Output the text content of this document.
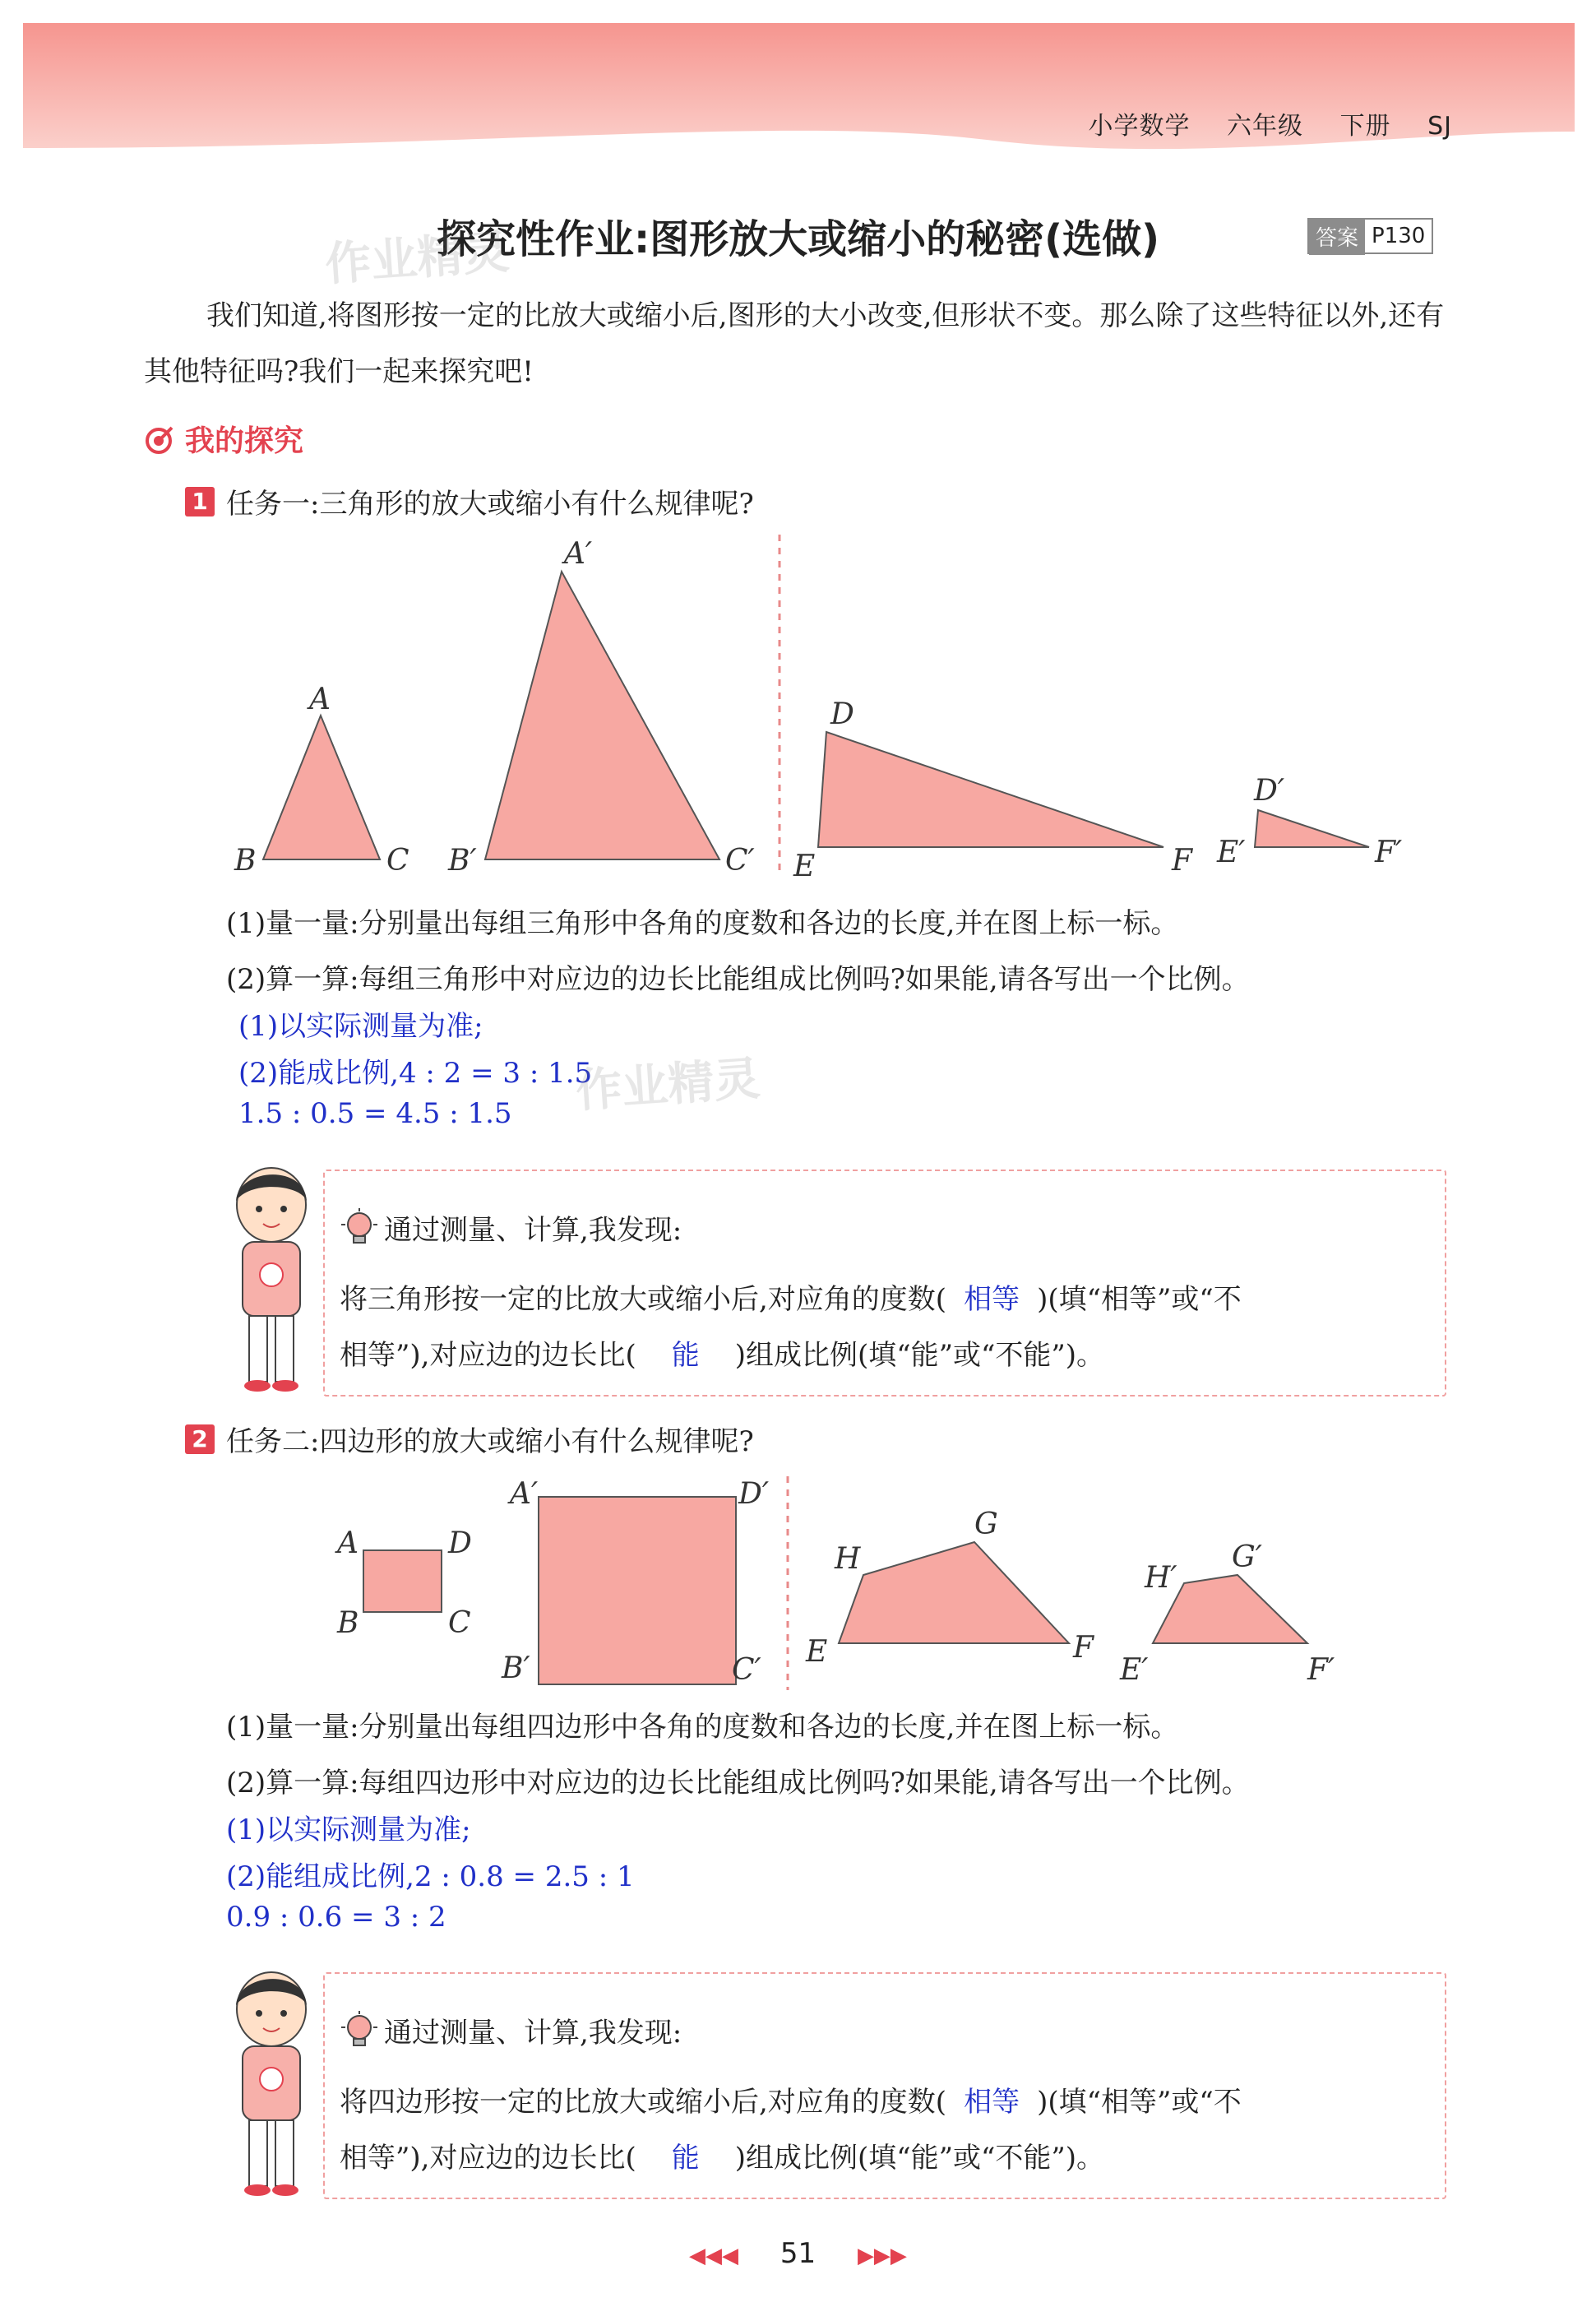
小学数学 六年级 下册 SJ
探究性作业:图形放大或缩小的秘密(选做)	答案 P130
作业精灵
我们知道,将图形按一定的比放大或缩小后,图形的大小改变,但形状不变。那么除了这些特征以外,还有其他特征吗?我们一起来探究吧!
我的探究
1 任务一:三角形的放大或缩小有什么规律呢?
A
B	C
A′
B′	C′
D
E	F
D′
E′	F′
(1)量一量:分别量出每组三角形中各角的度数和各边的长度,并在图上标一标。
(2)算一算:每组三角形中对应边的边长比能组成比例吗?如果能,请各写出一个比例。
(1)以实际测量为准;
(2)能成比例,4 : 2 = 3 : 1.5
1.5 : 0.5 = 4.5 : 1.5 作业精灵
通过测量、计算,我发现:
将三角形按一定的比放大或缩小后,对应角的度数( 相等 )(填“相等”或“不
相等”),对应边的边长比( 能 )组成比例(填“能”或“不能”)。
2 任务二:四边形的放大或缩小有什么规律呢?
A	D
B	C
A′	D′
B′	C′
G
H
E	F
G′
H′
E′	F′
(1)量一量:分别量出每组四边形中各角的度数和各边的长度,并在图上标一标。
(2)算一算:每组四边形中对应边的边长比能组成比例吗?如果能,请各写出一个比例。
(1)以实际测量为准;
(2)能组成比例,2 : 0.8 = 2.5 : 1
0.9 : 0.6 = 3 : 2
通过测量、计算,我发现:
将四边形按一定的比放大或缩小后,对应角的度数( 相等 )(填“相等”或“不
相等”),对应边的边长比( 能 )组成比例(填“能”或“不能”)。
◀◀◀ 51 ▶▶▶
